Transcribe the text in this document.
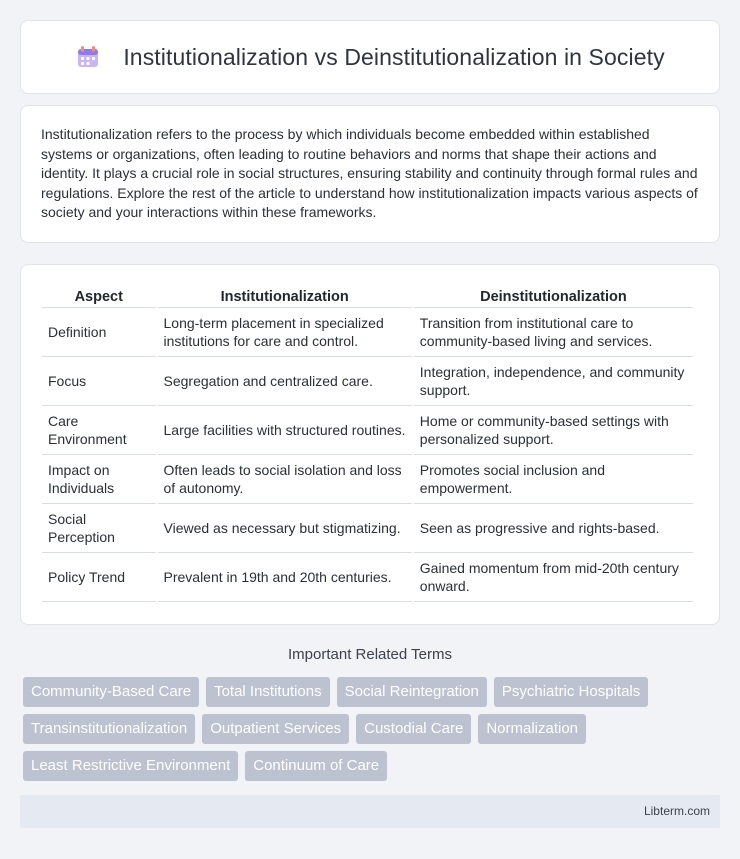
Institutionalization vs Deinstitutionalization in Society

Institutionalization refers to the process by which individuals become embedded within established systems or organizations, often leading to routine behaviors and norms that shape their actions and identity. It plays a crucial role in social structures, ensuring stability and continuity through formal rules and regulations. Explore the rest of the article to understand how institutionalization impacts various aspects of society and your interactions within these frameworks.

Aspect	Institutionalization	Deinstitutionalization
Definition	Long-term placement in specialized institutions for care and control.	Transition from institutional care to community-based living and services.
Focus	Segregation and centralized care.	Integration, independence, and community support.
Care Environment	Large facilities with structured routines.	Home or community-based settings with personalized support.
Impact on Individuals	Often leads to social isolation and loss of autonomy.	Promotes social inclusion and empowerment.
Social Perception	Viewed as necessary but stigmatizing.	Seen as progressive and rights-based.
Policy Trend	Prevalent in 19th and 20th centuries.	Gained momentum from mid-20th century onward.
Important Related Terms
Community-Based Care	Total Institutions	Social Reintegration	Psychiatric Hospitals
Transinstitutionalization	Outpatient Services	Custodial Care	Normalization
Least Restrictive Environment	Continuum of Care
Libterm.com
